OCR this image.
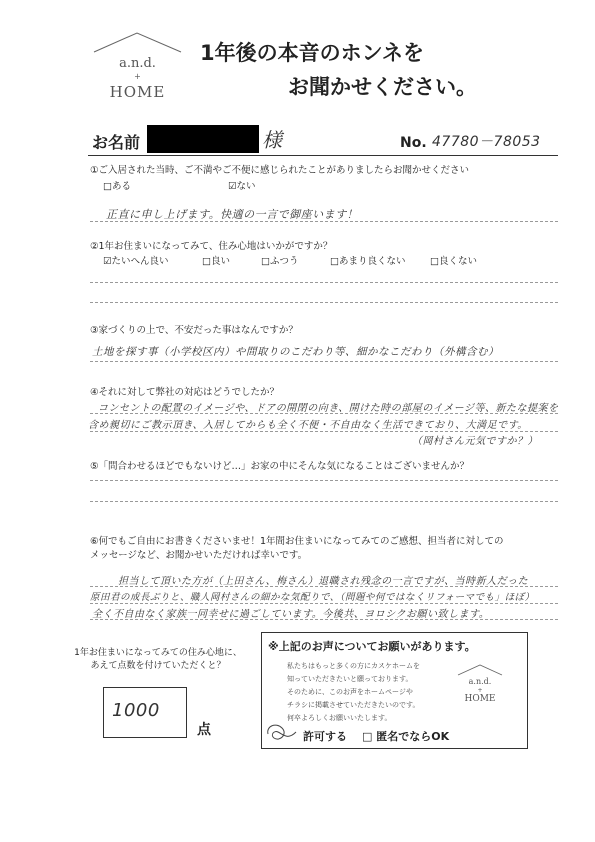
a.n.d.
+
HOME
1年後の本音のホンネを
お聞かせください。
お名前	様	No. 47780－78053
①ご入居された当時、ご不満やご不便に感じられたことがありましたらお聞かせください
□ある	☑ない
正直に申し上げます。快適の一言で御座います！
②1年お住まいになってみて、住み心地はいかがですか？
☑たいへん良い	□良い	□ふつう	□あまり良くない	□良くない
③家づくりの上で、不安だった事はなんですか？
土地を探す事（小学校区内）や間取りのこだわり等、細かなこだわり（外構含む）
④それに対して弊社の対応はどうでしたか？
コンセントの配置のイメージや、ドアの開閉の向き、開けた時の部屋のイメージ等、新たな提案を
含め親切にご教示頂き、入居してからも全く不便・不自由なく生活できており、大満足です。
（岡村さん元気ですか？）
⑤「問合わせるほどでもないけど…」お家の中にそんな気になることはございませんか？
⑥何でもご自由にお書きくださいませ！1年間お住まいになってみてのご感想、担当者に対しての
メッセージなど、お聞かせいただければ幸いです。
担当して頂いた方が（上田さん、梅さん）退職され残念の一言ですが、当時新人だった
原田君の成長ぶりと、職人岡村さんの細かな気配りで、（問題や何ではなくリフォーマでも」ほぼ）
全く不自由なく家族一同幸せに過ごしています。今後共、ヨロシクお願い致します。
1年お住まいになってみての住み心地に、
あえて点数を付けていただくと？
1000
点
※上記のお声についてお願いがあります。
私たちはもっと多くの方にカスケホームを
知っていただきたいと願っております。
そのために、このお声をホームページや
チラシに掲載させていただきたいのです。
何卒よろしくお願いいたします。
a.n.d.
+
HOME
許可する □ 匿名でならOK
